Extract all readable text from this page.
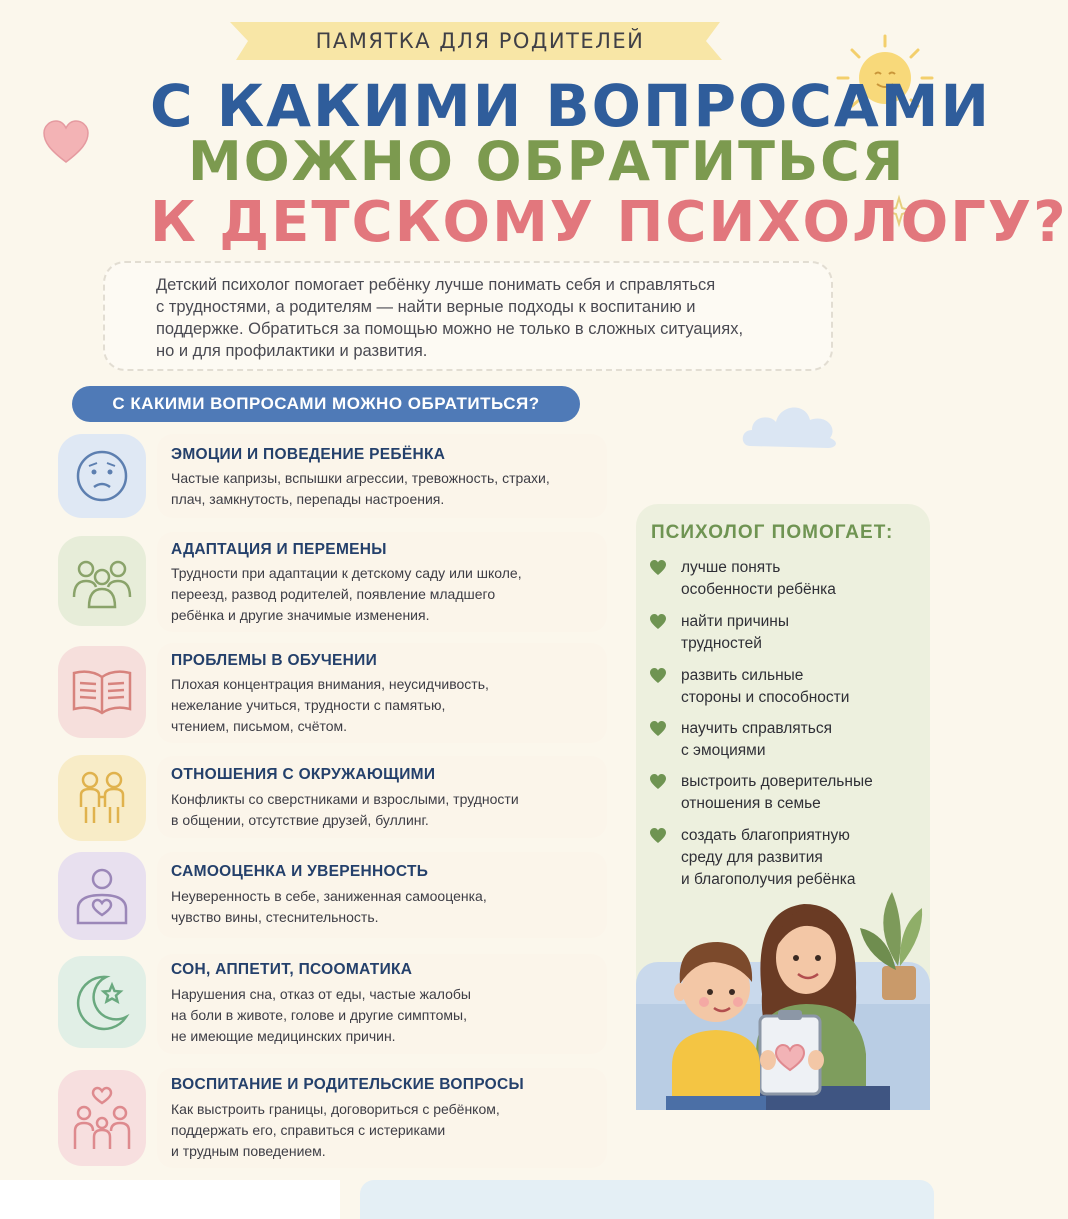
ПАМЯТКА ДЛЯ РОДИТЕЛЕЙ
С КАКИМИ ВОПРОСАМИ
МОЖНО ОБРАТИТЬСЯ
К ДЕТСКОМУ ПСИХОЛОГУ?
Детский психолог помогает ребёнку лучше понимать себя и справляться
с трудностями, а родителям — найти верные подходы к воспитанию и
поддержке. Обратиться за помощью можно не только в сложных ситуациях,
но и для профилактики и развития.
С КАКИМИ ВОПРОСАМИ МОЖНО ОБРАТИТЬСЯ?
ЭМОЦИИ И ПОВЕДЕНИЕ РЕБЁНКА
Частые капризы, вспышки агрессии, тревожность, страхи,
плач, замкнутость, перепады настроения.
АДАПТАЦИЯ И ПЕРЕМЕНЫ
Трудности при адаптации к детскому саду или школе,
переезд, развод родителей, появление младшего
ребёнка и другие значимые изменения.
ПРОБЛЕМЫ В ОБУЧЕНИИ
Плохая концентрация внимания, неусидчивость,
нежелание учиться, трудности с памятью,
чтением, письмом, счётом.
ОТНОШЕНИЯ С ОКРУЖАЮЩИМИ
Конфликты со сверстниками и взрослыми, трудности
в общении, отсутствие друзей, буллинг.
САМООЦЕНКА И УВЕРЕННОСТЬ
Неуверенность в себе, заниженная самооценка,
чувство вины, стеснительность.
СОН, АППЕТИТ, ПСООМАТИКА
Нарушения сна, отказ от еды, частые жалобы
на боли в животе, голове и другие симптомы,
не имеющие медицинских причин.
ВОСПИТАНИЕ И РОДИТЕЛЬСКИЕ ВОПРОСЫ
Как выстроить границы, договориться с ребёнком,
поддержать его, справиться с истериками
и трудным поведением.
ПСИХОЛОГ ПОМОГАЕТ:
лучше понять
особенности ребёнка
найти причины
трудностей
развить сильные
стороны и способности
научить справляться
с эмоциями
выстроить доверительные
отношения в семье
создать благоприятную
среду для развития
и благополучия ребёнка
